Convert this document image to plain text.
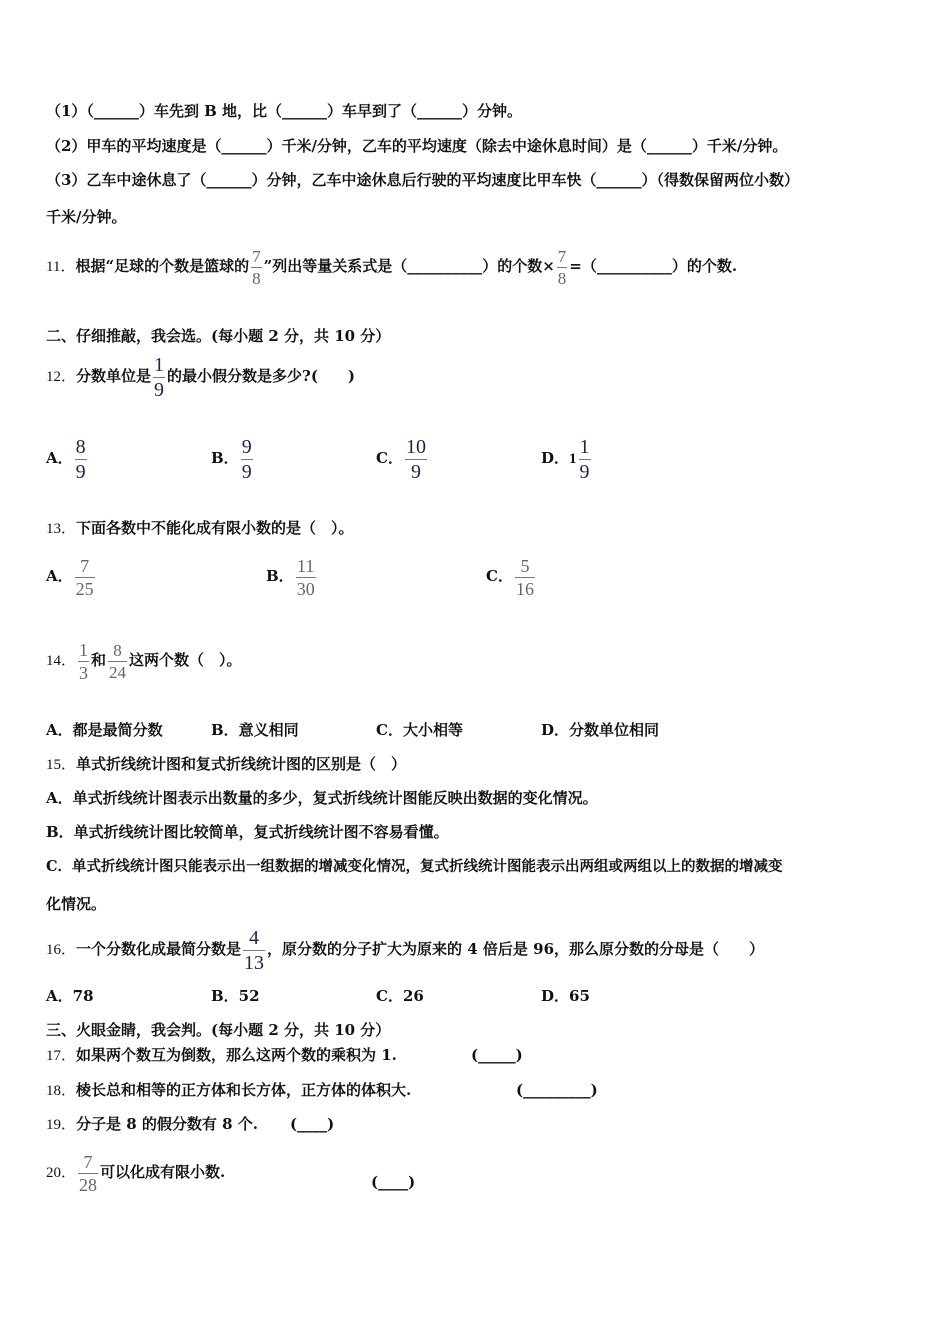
（1）（______）车先到 B 地，比（______）车早到了（______）分钟。
（2）甲车的平均速度是（______）千米/分钟，乙车的平均速度（除去中途休息时间）是（______）千米/分钟。
（3）乙车中途休息了（______）分钟，乙车中途休息后行驶的平均速度比甲车快（______）（得数保留两位小数）
千米/分钟。
11．根据“足球的个数是篮球的 $\frac{7}{8}$ ”列出等量关系式是（__________）的个数× $\frac{7}{8}$ =（__________）的个数.
二、仔细推敲，我会选。(每小题 2 分，共 10 分）
12．分数单位是 $\frac{1}{9}$ 的最小假分数是多少?(　　)
A． $\frac{8}{9}$	B． $\frac{9}{9}$	C． $\frac{10}{9}$	D．$1 \frac{1}{9}$
13．下面各数中不能化成有限小数的是（　）。
A． $\frac{7}{25}$	B． $\frac{11}{30}$	C． $\frac{5}{16}$
14． $\frac{1}{3}$ 和 $\frac{8}{24}$ 这两个数（　）。
A．都是最简分数	B．意义相同	C．大小相等	D．分数单位相同
15．单式折线统计图和复式折线统计图的区别是（　）
A．单式折线统计图表示出数量的多少，复式折线统计图能反映出数据的变化情况。
B．单式折线统计图比较简单，复式折线统计图不容易看懂。
C．单式折线统计图只能表示出一组数据的增减变化情况，复式折线统计图能表示出两组或两组以上的数据的增减变
化情况。
16．一个分数化成最简分数是 $\frac{4}{13}$ ，原分数的分子扩大为原来的 4 倍后是 96，那么原分数的分母是（　　）
A．78	B．52	C．26	D．65
三、火眼金睛，我会判。(每小题 2 分，共 10 分）
17．如果两个数互为倒数，那么这两个数的乘积为 1.	(_____)
18．棱长总和相等的正方体和长方体，正方体的体积大.	(_________)
19．分子是 8 的假分数有 8 个. (____)
20． $\frac{7}{28}$ 可以化成有限小数.
(____)
